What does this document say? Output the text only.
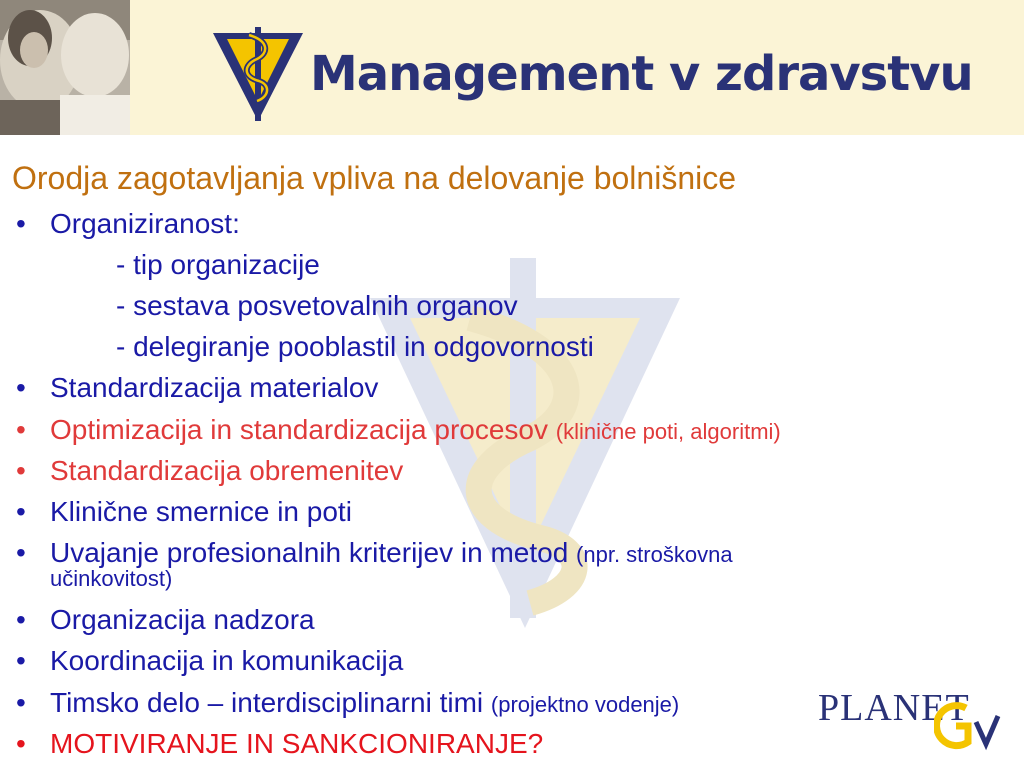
Management v zdravstvu
Orodja zagotavljanja vpliva na delovanje bolnišnice
• Organiziranost:
- tip organizacije
- sestava posvetovalnih organov
- delegiranje pooblastil in odgovornosti
• Standardizacija materialov
• Optimizacija in standardizacija procesov (klinične poti, algoritmi)
• Standardizacija obremenitev
• Klinične smernice in poti
• Uvajanje profesionalnih kriterijev in metod (npr. stroškovna
učinkovitost)
• Organizacija nadzora
• Koordinacija in komunikacija
• Timsko delo – interdisciplinarni timi (projektno vodenje)
• MOTIVIRANJE IN SANKCIONIRANJE?
PLANET
